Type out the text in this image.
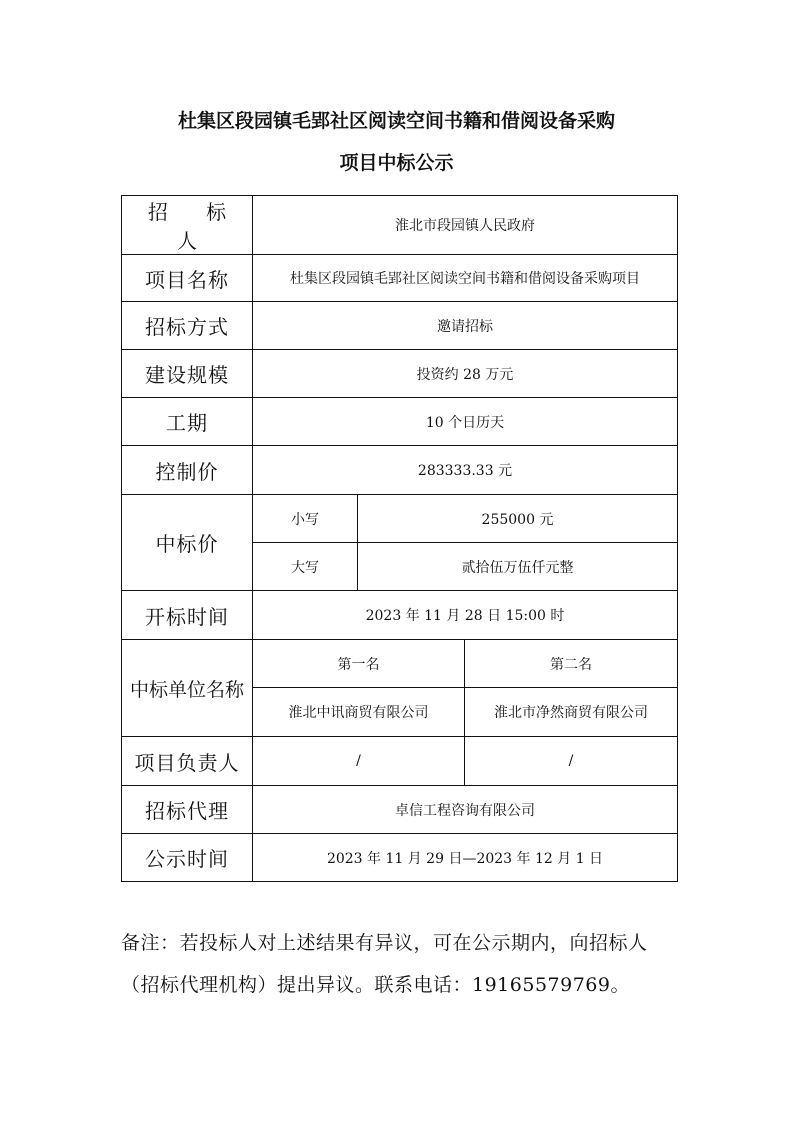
杜集区段园镇毛郢社区阅读空间书籍和借阅设备采购
项目中标公示
招 标 人	淮北市段园镇人民政府		
项目名称	杜集区段园镇毛郢社区阅读空间书籍和借阅设备采购项目		
招标方式	邀请招标		
建设规模	投资约 28 万元		
工期	10 个日历天		
控制价	283333.33 元		
中标价	小写	255000 元	
	大写	贰拾伍万伍仟元整	
开标时间	2023 年 11 月 28 日 15:00 时		
中标单位名称	第一名		第二名
	淮北中讯商贸有限公司		淮北市净然商贸有限公司
项目负责人	/		/
招标代理	卓信工程咨询有限公司		
公示时间	2023 年 11 月 29 日—2023 年 12 月 1 日		
备注：若投标人对上述结果有异议，可在公示期内，向招标人（招标代理机构）提出异议。联系电话：19165579769。
